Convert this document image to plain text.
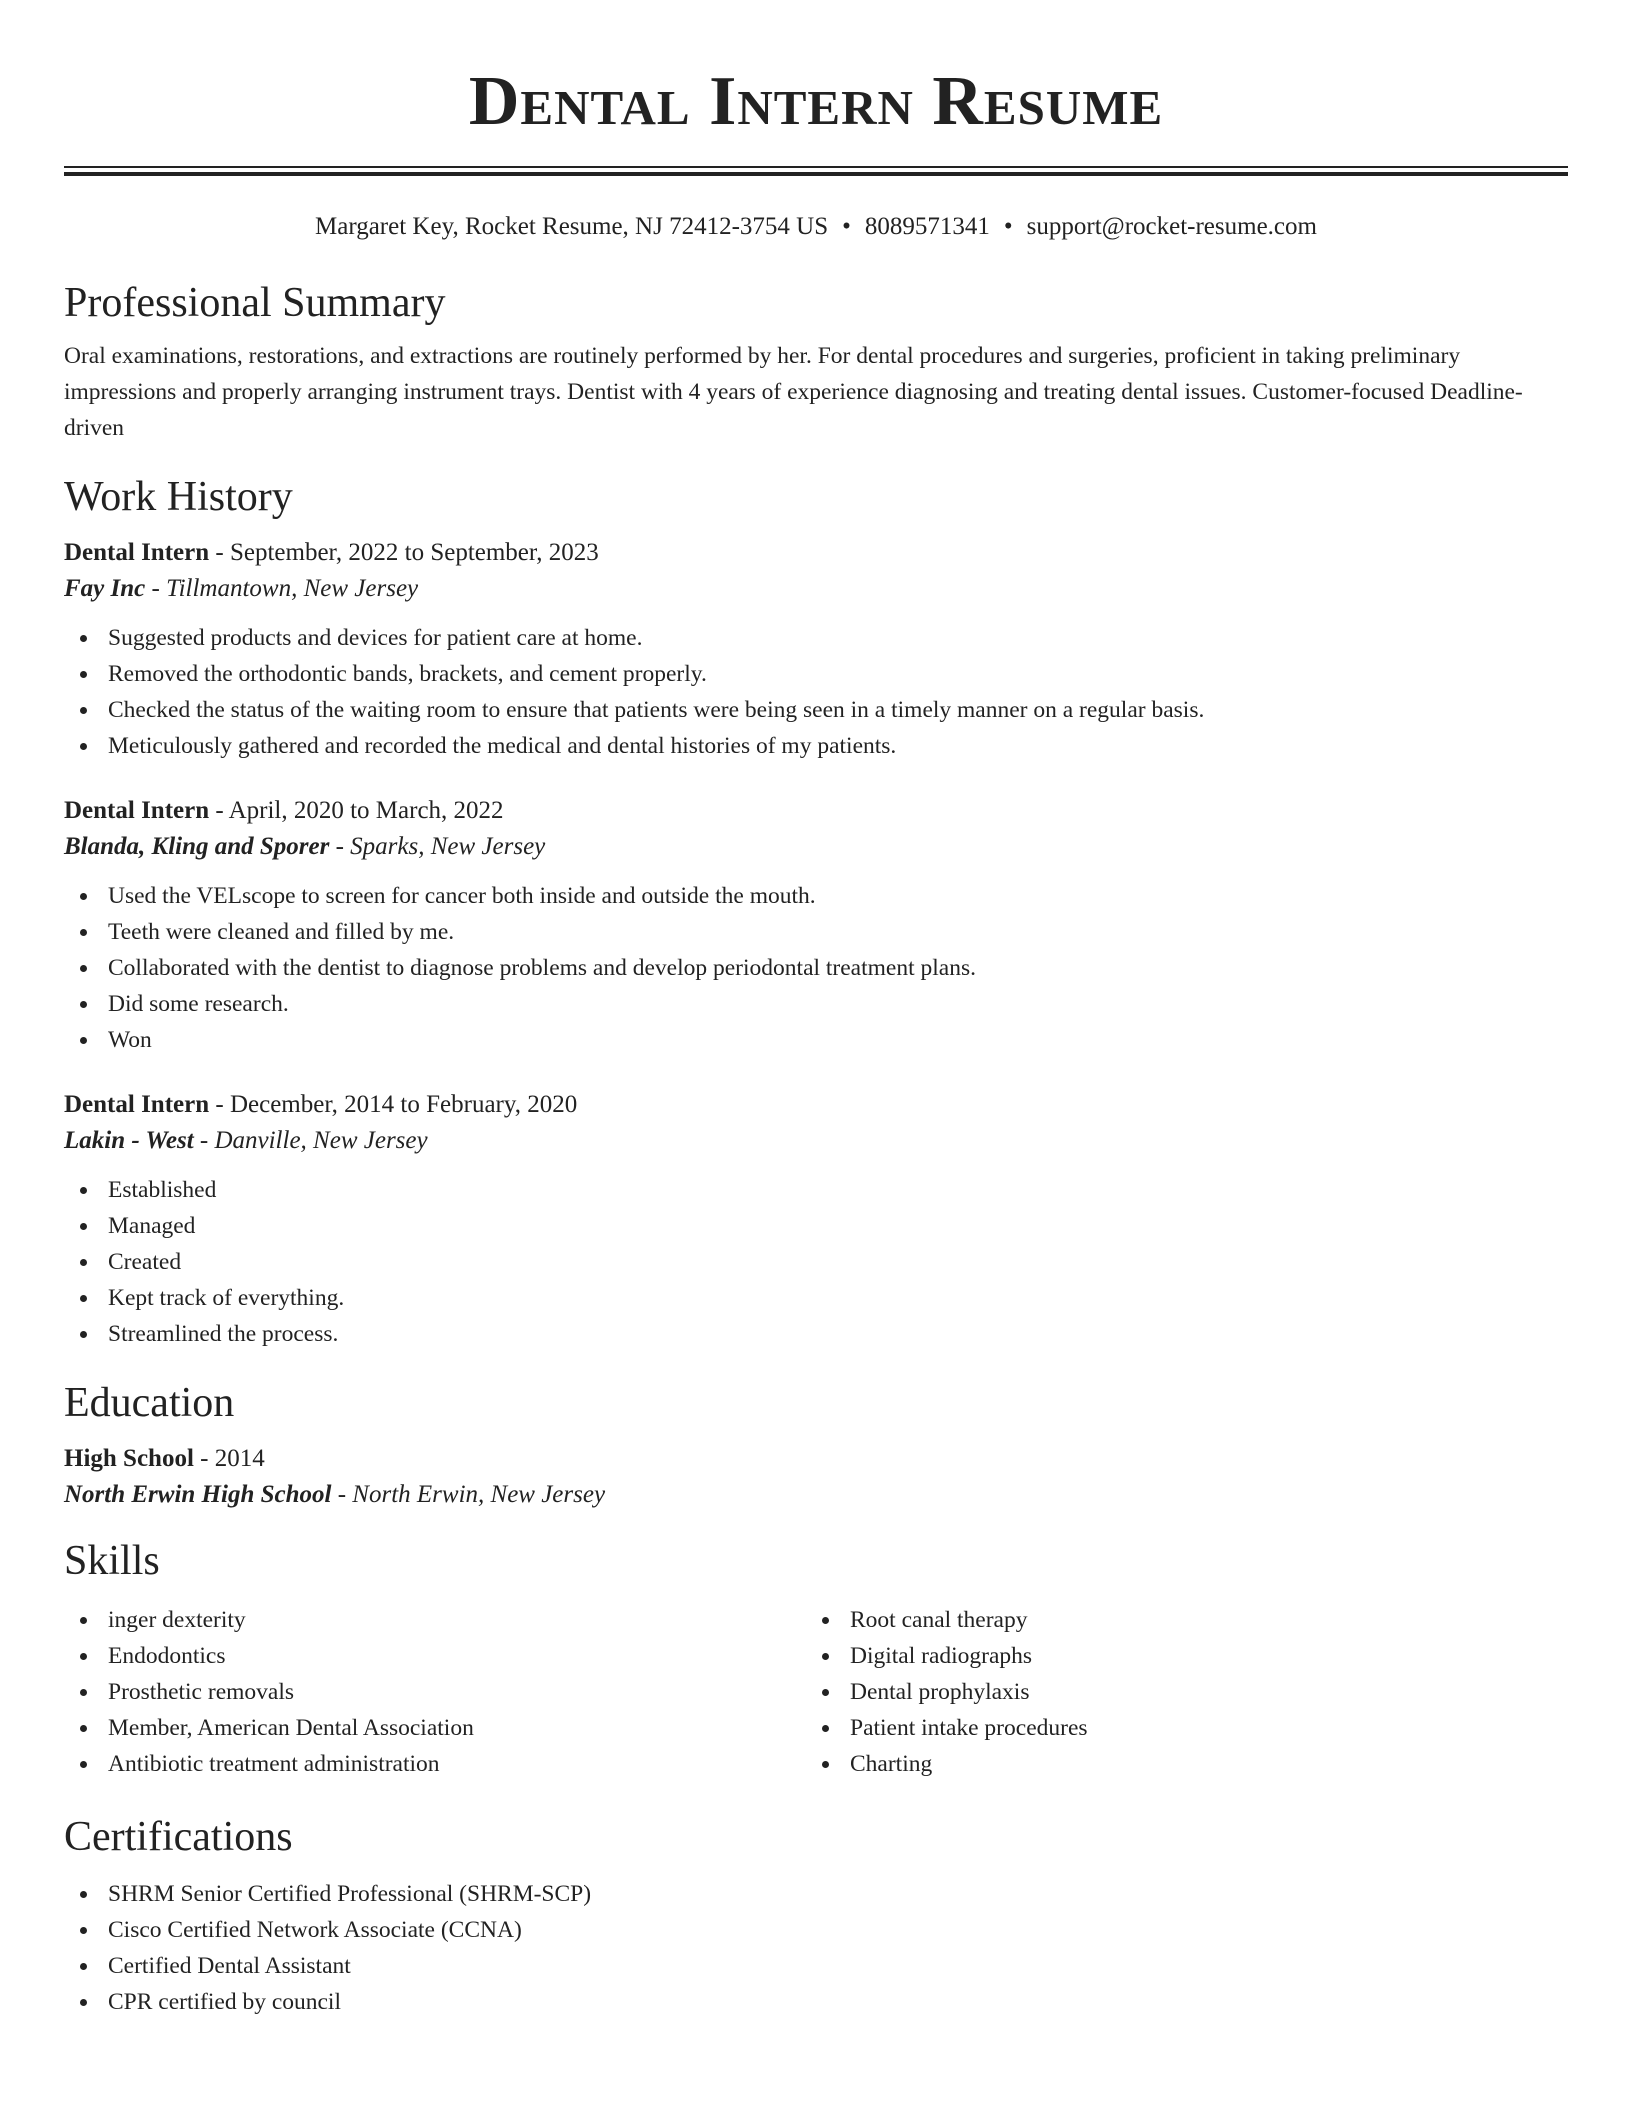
Dental Intern Resume
Margaret Key, Rocket Resume, NJ 72412-3754 US • 8089571341 • support@rocket-resume.com
Professional Summary

Oral examinations, restorations, and extractions are routinely performed by her. For dental procedures and surgeries, proficient in taking preliminary impressions and properly arranging instrument trays. Dentist with 4 years of experience diagnosing and treating dental issues. Customer-focused Deadline-driven

Work History

Dental Intern - September, 2022 to September, 2023

Fay Inc - Tillmantown, New Jersey

Suggested products and devices for patient care at home.
Removed the orthodontic bands, brackets, and cement properly.
Checked the status of the waiting room to ensure that patients were being seen in a timely manner on a regular basis.
Meticulously gathered and recorded the medical and dental histories of my patients.

Dental Intern - April, 2020 to March, 2022

Blanda, Kling and Sporer - Sparks, New Jersey

Used the VELscope to screen for cancer both inside and outside the mouth.
Teeth were cleaned and filled by me.
Collaborated with the dentist to diagnose problems and develop periodontal treatment plans.
Did some research.
Won

Dental Intern - December, 2014 to February, 2020

Lakin - West - Danville, New Jersey

Established
Managed
Created
Kept track of everything.
Streamlined the process.
Education

High School - 2014

North Erwin High School - North Erwin, New Jersey

Skills
inger dexterity
Endodontics
Prosthetic removals
Member, American Dental Association
Antibiotic treatment administration
Root canal therapy
Digital radiographs
Dental prophylaxis
Patient intake procedures
Charting
Certifications
SHRM Senior Certified Professional (SHRM-SCP)
Cisco Certified Network Associate (CCNA)
Certified Dental Assistant
CPR certified by council
